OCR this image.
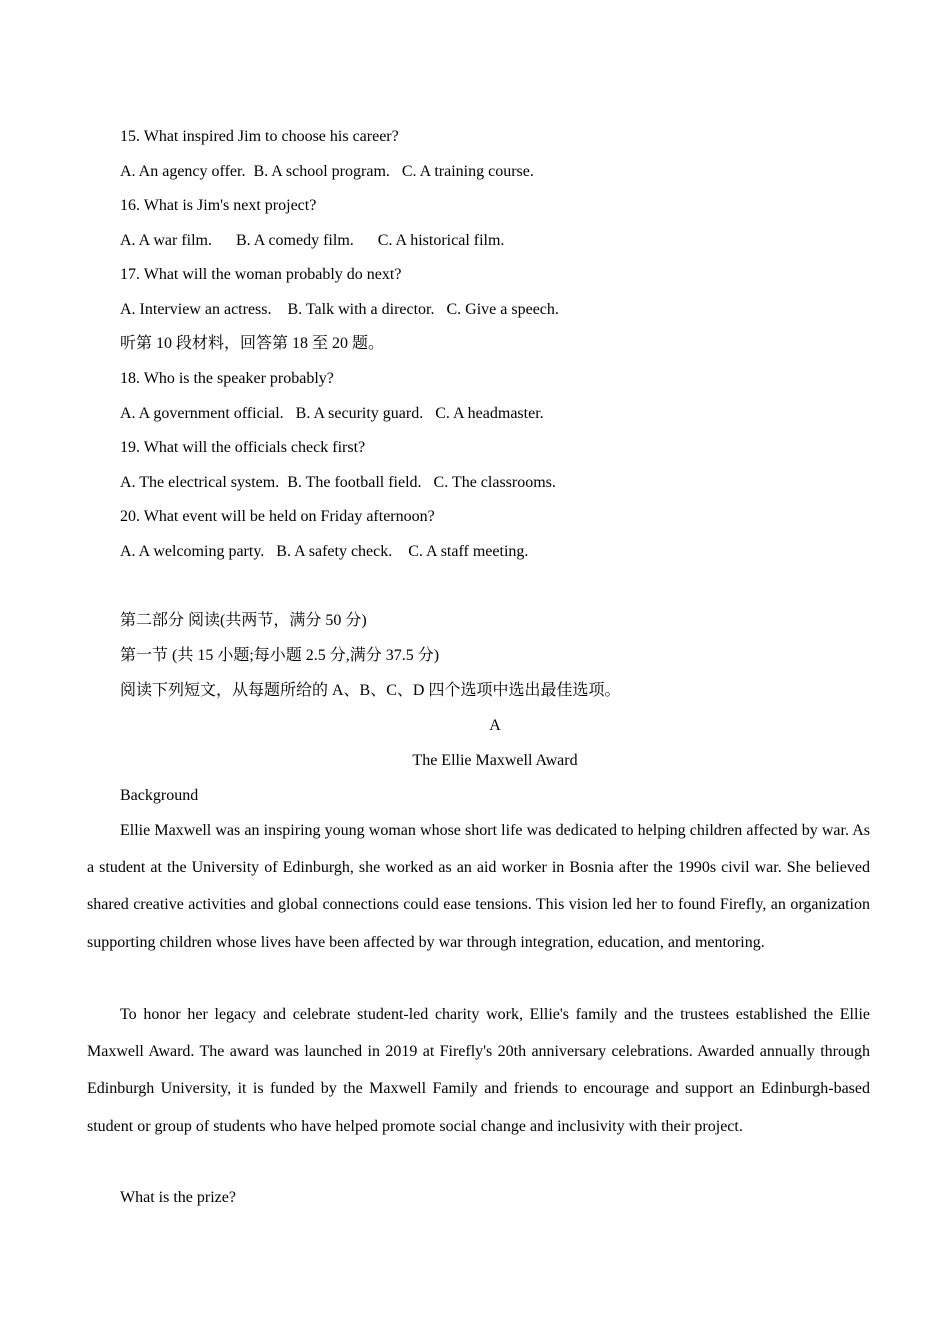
15. What inspired Jim to choose his career?
A. An agency offer.  B. A school program.   C. A training course.
16. What is Jim's next project?
A. A war film.      B. A comedy film.      C. A historical film.
17. What will the woman probably do next?
A. Interview an actress.    B. Talk with a director.   C. Give a speech.
听第 10 段材料，回答第 18 至 20 题。
18. Who is the speaker probably?
A. A government official.   B. A security guard.   C. A headmaster.
19. What will the officials check first?
A. The electrical system.  B. The football field.   C. The classrooms.
20. What event will be held on Friday afternoon?
A. A welcoming party.   B. A safety check.    C. A staff meeting.
第二部分 阅读(共两节，满分 50 分)
第一节 (共 15 小题;每小题 2.5 分,满分 37.5 分)
阅读下列短文，从每题所给的 A、B、C、D 四个选项中选出最佳选项。
A
The Ellie Maxwell Award
Background

Ellie Maxwell was an inspiring young woman whose short life was dedicated to helping children affected by war. As a student at the University of Edinburgh, she worked as an aid worker in Bosnia after the 1990s civil war. She believed shared creative activities and global connections could ease tensions. This vision led her to found Firefly, an organization supporting children whose lives have been affected by war through integration, education, and mentoring.

To honor her legacy and celebrate student-led charity work, Ellie's family and the trustees established the Ellie Maxwell Award. The award was launched in 2019 at Firefly's 20th anniversary celebrations. Awarded annually through Edinburgh University, it is funded by the Maxwell Family and friends to encourage and support an Edinburgh-based student or group of students who have helped promote social change and inclusivity with their project.

What is the prize?
